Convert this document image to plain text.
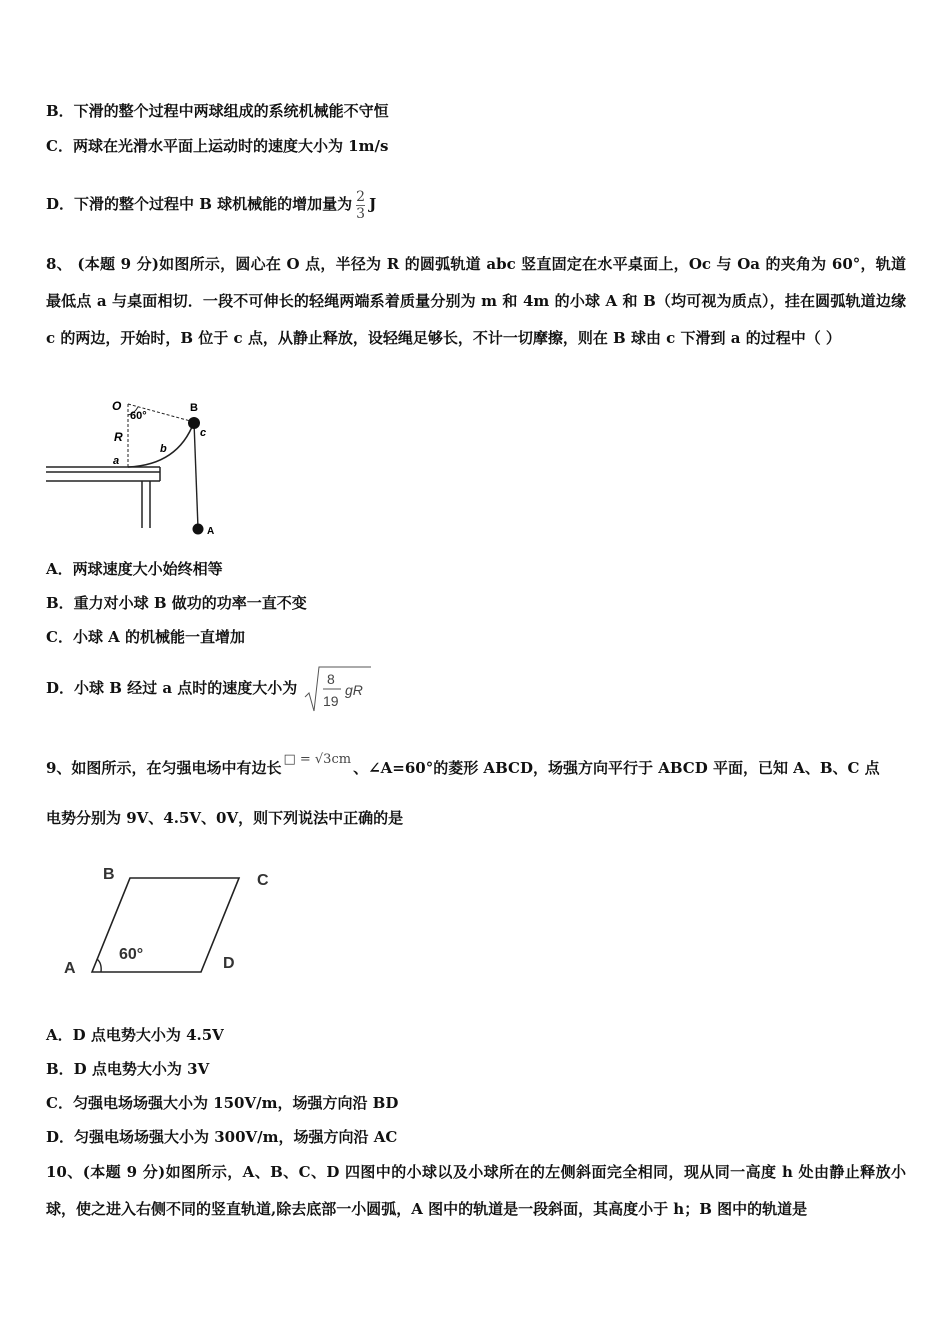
B．下滑的整个过程中两球组成的系统机械能不守恒
C．两球在光滑水平面上运动时的速度大小为 1m/s
D．下滑的整个过程中 B 球机械能的增加量为 $\frac{2}{3}$ J
8、 (本题 9 分)如图所示，圆心在 O 点，半径为 R 的圆弧轨道 abc 竖直固定在水平桌面上，Oc 与 Oa 的夹角为 60°，轨道最低点 a 与桌面相切．一段不可伸长的轻绳两端系着质量分别为 m 和 4m 的小球 A 和 B（均可视为质点），挂在圆弧轨道边缘 c 的两边，开始时，B 位于 c 点，从静止释放，设轻绳足够长，不计一切摩擦，则在 B 球由 c 下滑到 a 的过程中（ ）
O
60°
B
c
R
b
a
A
A．两球速度大小始终相等
B．重力对小球 B 做功的功率一直不变
C．小球 A 的机械能一直增加
D．小球 B 经过 a 点时的速度大小为 8
19
gR
9、如图所示，在匀强电场中有边长 □ = √3cm 、∠A=60°的菱形 ABCD，场强方向平行于 ABCD 平面，已知 A、B、C 点
电势分别为 9V、4.5V、0V，则下列说法中正确的是
B	C
A	D
60°
A．D 点电势大小为 4.5V
B．D 点电势大小为 3V
C．匀强电场场强大小为 150V/m，场强方向沿 BD
D．匀强电场场强大小为 300V/m，场强方向沿 AC
10、(本题 9 分)如图所示，A、B、C、D 四图中的小球以及小球所在的左侧斜面完全相同，现从同一高度 h 处由静止释放小球，使之进入右侧不同的竖直轨道,除去底部一小圆弧，A 图中的轨道是一段斜面，其高度小于 h；B 图中的轨道是
